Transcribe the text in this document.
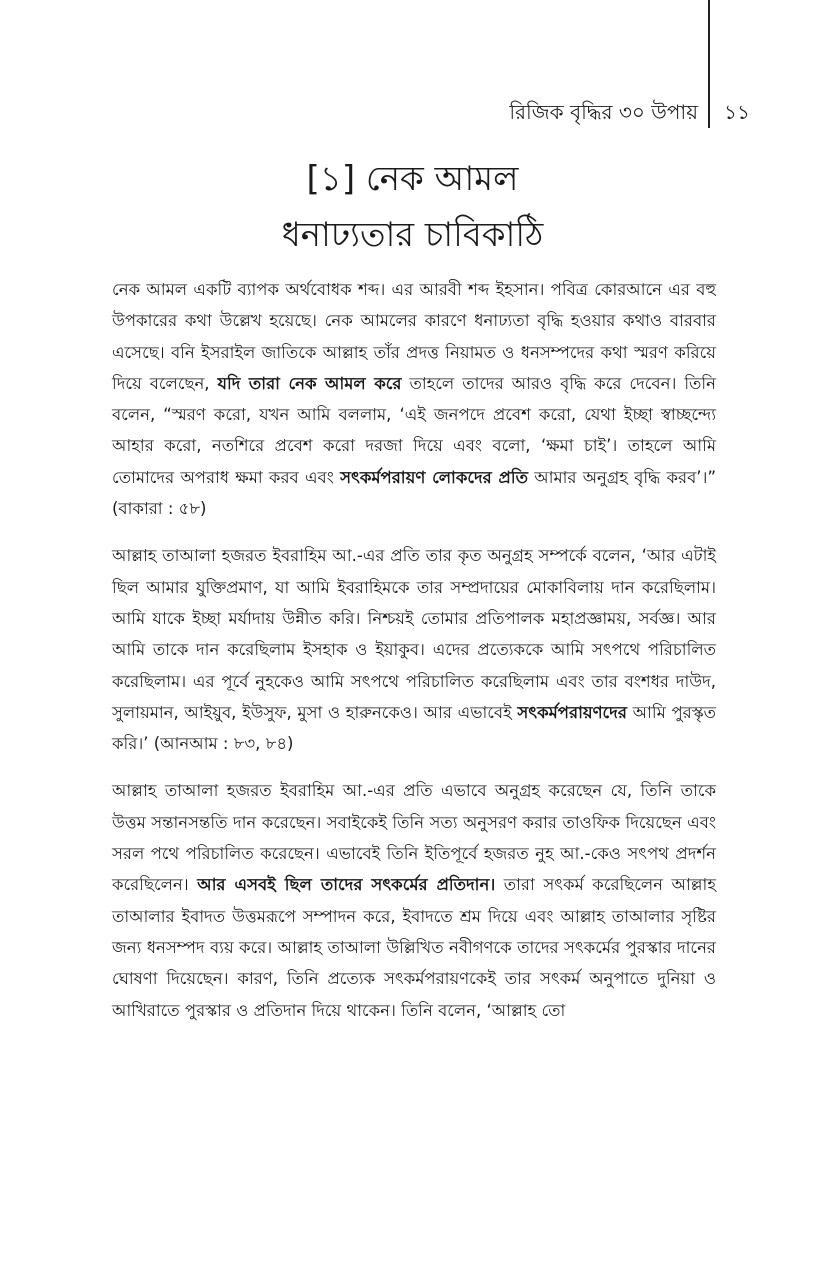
রিজিক বৃদ্ধির ৩০ উপায় ১১
[১] নেক আমল
ধনাঢ্যতার চাবিকাঠি

নেক আমল একটি ব্যাপক অর্থবোধক শব্দ। এর আরবী শব্দ ইহসান। পবিত্র কোরআনে এর বহু উপকারের কথা উল্লেখ হয়েছে। নেক আমলের কারণে ধনাঢ্যতা বৃদ্ধি হওয়ার কথাও বারবার এসেছে। বনি ইসরাইল জাতিকে আল্লাহ তাঁর প্রদত্ত নিয়ামত ও ধনসম্পদের কথা স্মরণ করিয়ে দিয়ে বলেছেন, যদি তারা নেক আমল করে তাহলে তাদের আরও বৃদ্ধি করে দেবেন। তিনি বলেন, “স্মরণ করো, যখন আমি বললাম, ‘এই জনপদে প্রবেশ করো, যেথা ইচ্ছা স্বাচ্ছন্দ্যে আহার করো, নতশিরে প্রবেশ করো দরজা দিয়ে এবং বলো, ‘ক্ষমা চাই’। তাহলে আমি তোমাদের অপরাধ ক্ষমা করব এবং সৎকর্মপরায়ণ লোকদের প্রতি আমার অনুগ্রহ বৃদ্ধি করব’।” (বাকারা : ৫৮)

আল্লাহ তাআলা হজরত ইবরাহিম আ.-এর প্রতি তার কৃত অনুগ্রহ সম্পর্কে বলেন, ‘আর এটাই ছিল আমার যুক্তিপ্রমাণ, যা আমি ইবরাহিমকে তার সম্প্রদায়ের মোকাবিলায় দান করেছিলাম। আমি যাকে ইচ্ছা মর্যাদায় উন্নীত করি। নিশ্চয়ই তোমার প্রতিপালক মহাপ্রজ্ঞাময়, সর্বজ্ঞ। আর আমি তাকে দান করেছিলাম ইসহাক ও ইয়াকুব। এদের প্রত্যেককে আমি সৎপথে পরিচালিত করেছিলাম। এর পূর্বে নুহকেও আমি সৎপথে পরিচালিত করেছিলাম এবং তার বংশধর দাউদ, সুলায়মান, আইয়ুব, ইউসুফ, মুসা ও হারুনকেও। আর এভাবেই সৎকর্মপরায়ণদের আমি পুরস্কৃত করি।’ (আনআম : ৮৩, ৮৪)

আল্লাহ তাআলা হজরত ইবরাহিম আ.-এর প্রতি এভাবে অনুগ্রহ করেছেন যে, তিনি তাকে উত্তম সন্তানসন্ততি দান করেছেন। সবাইকেই তিনি সত্য অনুসরণ করার তাওফিক দিয়েছেন এবং সরল পথে পরিচালিত করেছেন। এভাবেই তিনি ইতিপূর্বে হজরত নুহ আ.-কেও সৎপথ প্রদর্শন করেছিলেন। আর এসবই ছিল তাদের সৎকর্মের প্রতিদান। তারা সৎকর্ম করেছিলেন আল্লাহ তাআলার ইবাদত উত্তমরূপে সম্পাদন করে, ইবাদতে শ্রম দিয়ে এবং আল্লাহ তাআলার সৃষ্টির জন্য ধনসম্পদ ব্যয় করে। আল্লাহ তাআলা উল্লিখিত নবীগণকে তাদের সৎকর্মের পুরস্কার দানের ঘোষণা দিয়েছেন। কারণ, তিনি প্রত্যেক সৎকর্মপরায়ণকেই তার সৎকর্ম অনুপাতে দুনিয়া ও আখিরাতে পুরস্কার ও প্রতিদান দিয়ে থাকেন। তিনি বলেন, ‘আল্লাহ তো
